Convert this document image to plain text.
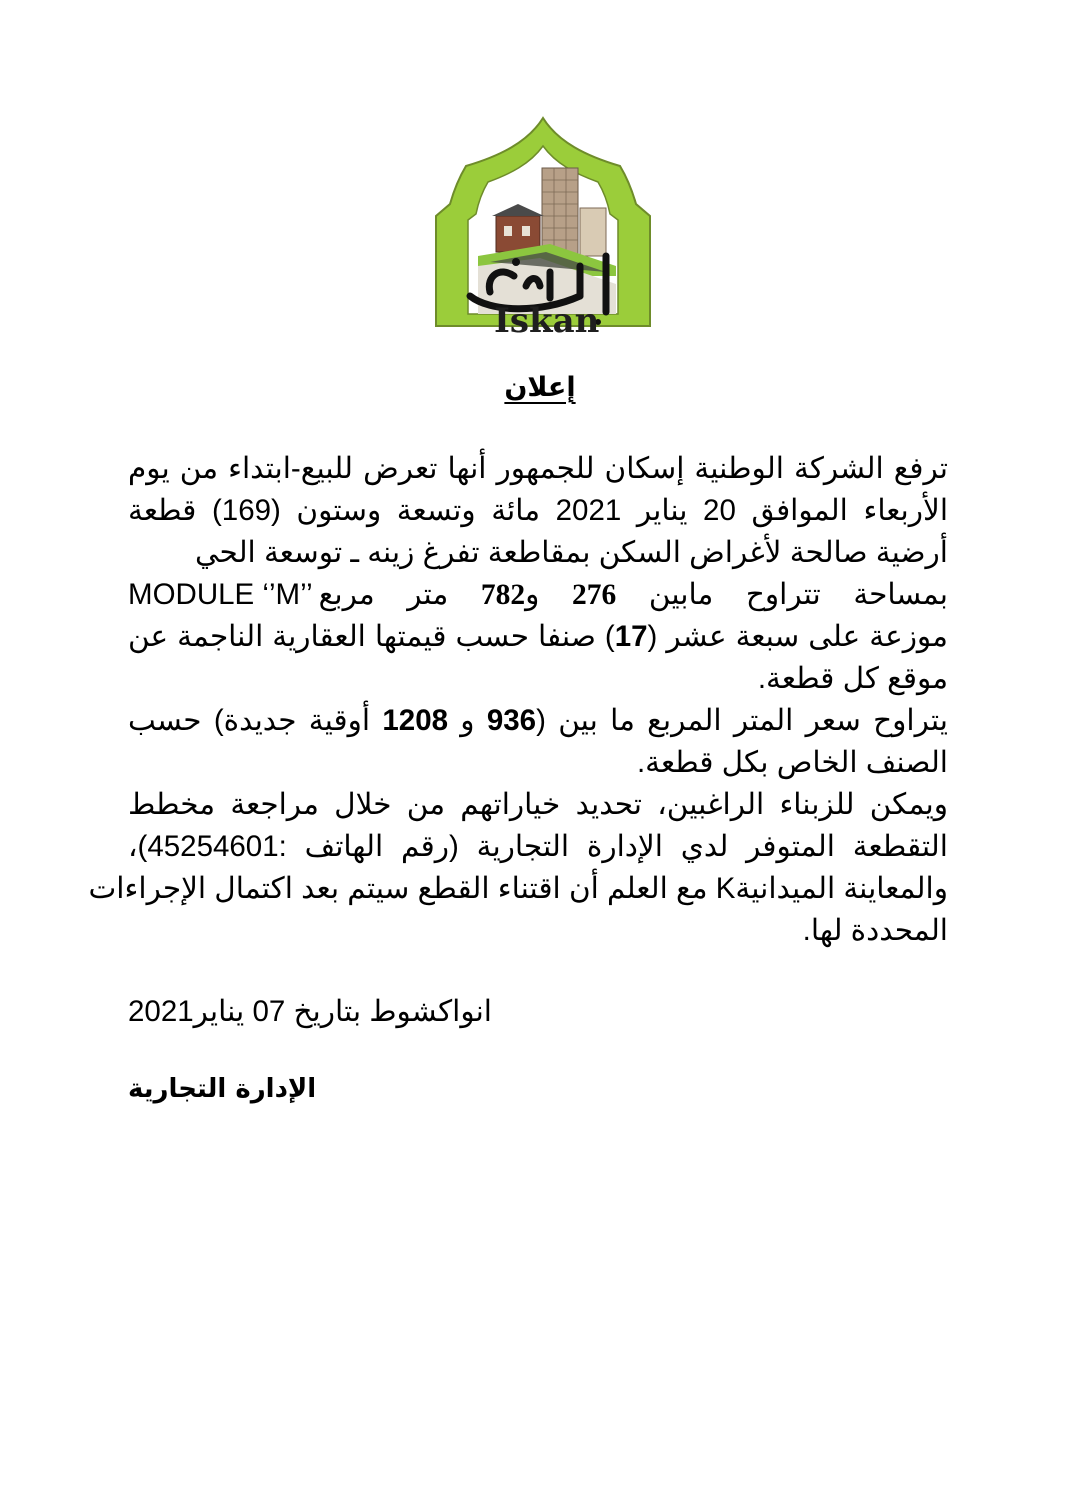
Iskan
إعلان
ترفع الشركة الوطنية إسكان للجمهور أنها تعرض للبيع-ابتداء من يوم
الأربعاء الموافق 20 يناير 2021 مائة وتسعة وستون (169) قطعة
أرضية صالحة لأغراض السكن بمقاطعة تفرغ زينه ـ توسعة الحي
بمساحة تتراوح مابين 276 و782 متر مربعMODULE ‘’M’’
موزعة على سبعة عشر (17) صنفا حسب قيمتها العقارية الناجمة عن
موقع كل قطعة.
يتراوح سعر المتر المربع ما بين (936 و 1208 أوقية جديدة) حسب
الصنف الخاص بكل قطعة.
ويمكن للزبناء الراغبين، تحديد خياراتهم من خلال مراجعة مخطط
التقطعة المتوفر لدي الإدارة التجارية (رقم الهاتف :45254601)،
والمعاينة الميدانيةK مع العلم أن اقتناء القطع سيتم بعد اكتمال الإجراءات
المحددة لها.
انواكشوط بتاريخ 07 يناير2021
الإدارة التجارية
